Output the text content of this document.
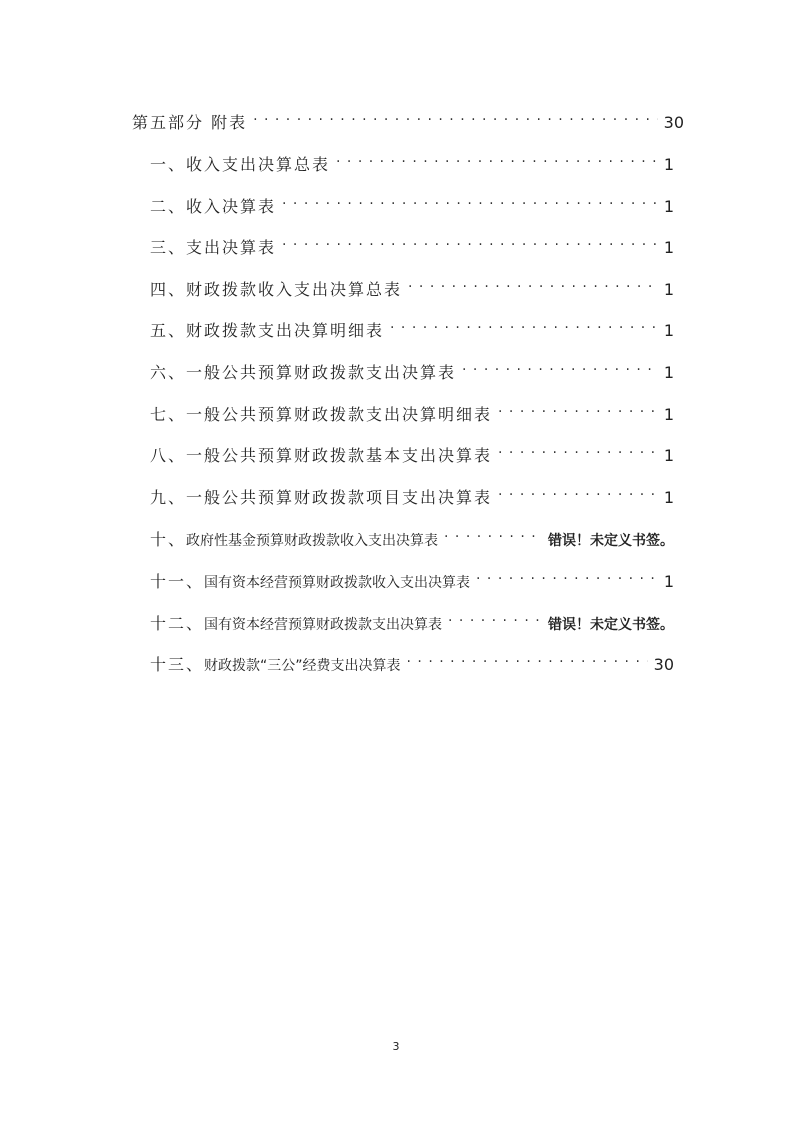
第五部分 附表 . . .	30
一、收入支出决算总表 . . .	1
二、收入决算表 . . .	1
三、支出决算表 . . .	1
四、财政拨款收入支出决算总表 . . .	1
五、财政拨款支出决算明细表 . . .	1
六、一般公共预算财政拨款支出决算表 . . .	1
七、一般公共预算财政拨款支出决算明细表 . . .	1
八、一般公共预算财政拨款基本支出决算表 . . .	1
九、一般公共预算财政拨款项目支出决算表 . . .	1
十、 政府性基金预算财政拨款收入支出决算表 . . .	错误！未定义书签。
十一、 国有资本经营预算财政拨款收入支出决算表 . . .	1
十二、 国有资本经营预算财政拨款支出决算表 . . .	错误！未定义书签。
十三、 财政拨款“三公”经费支出决算表 . . .	30
3
